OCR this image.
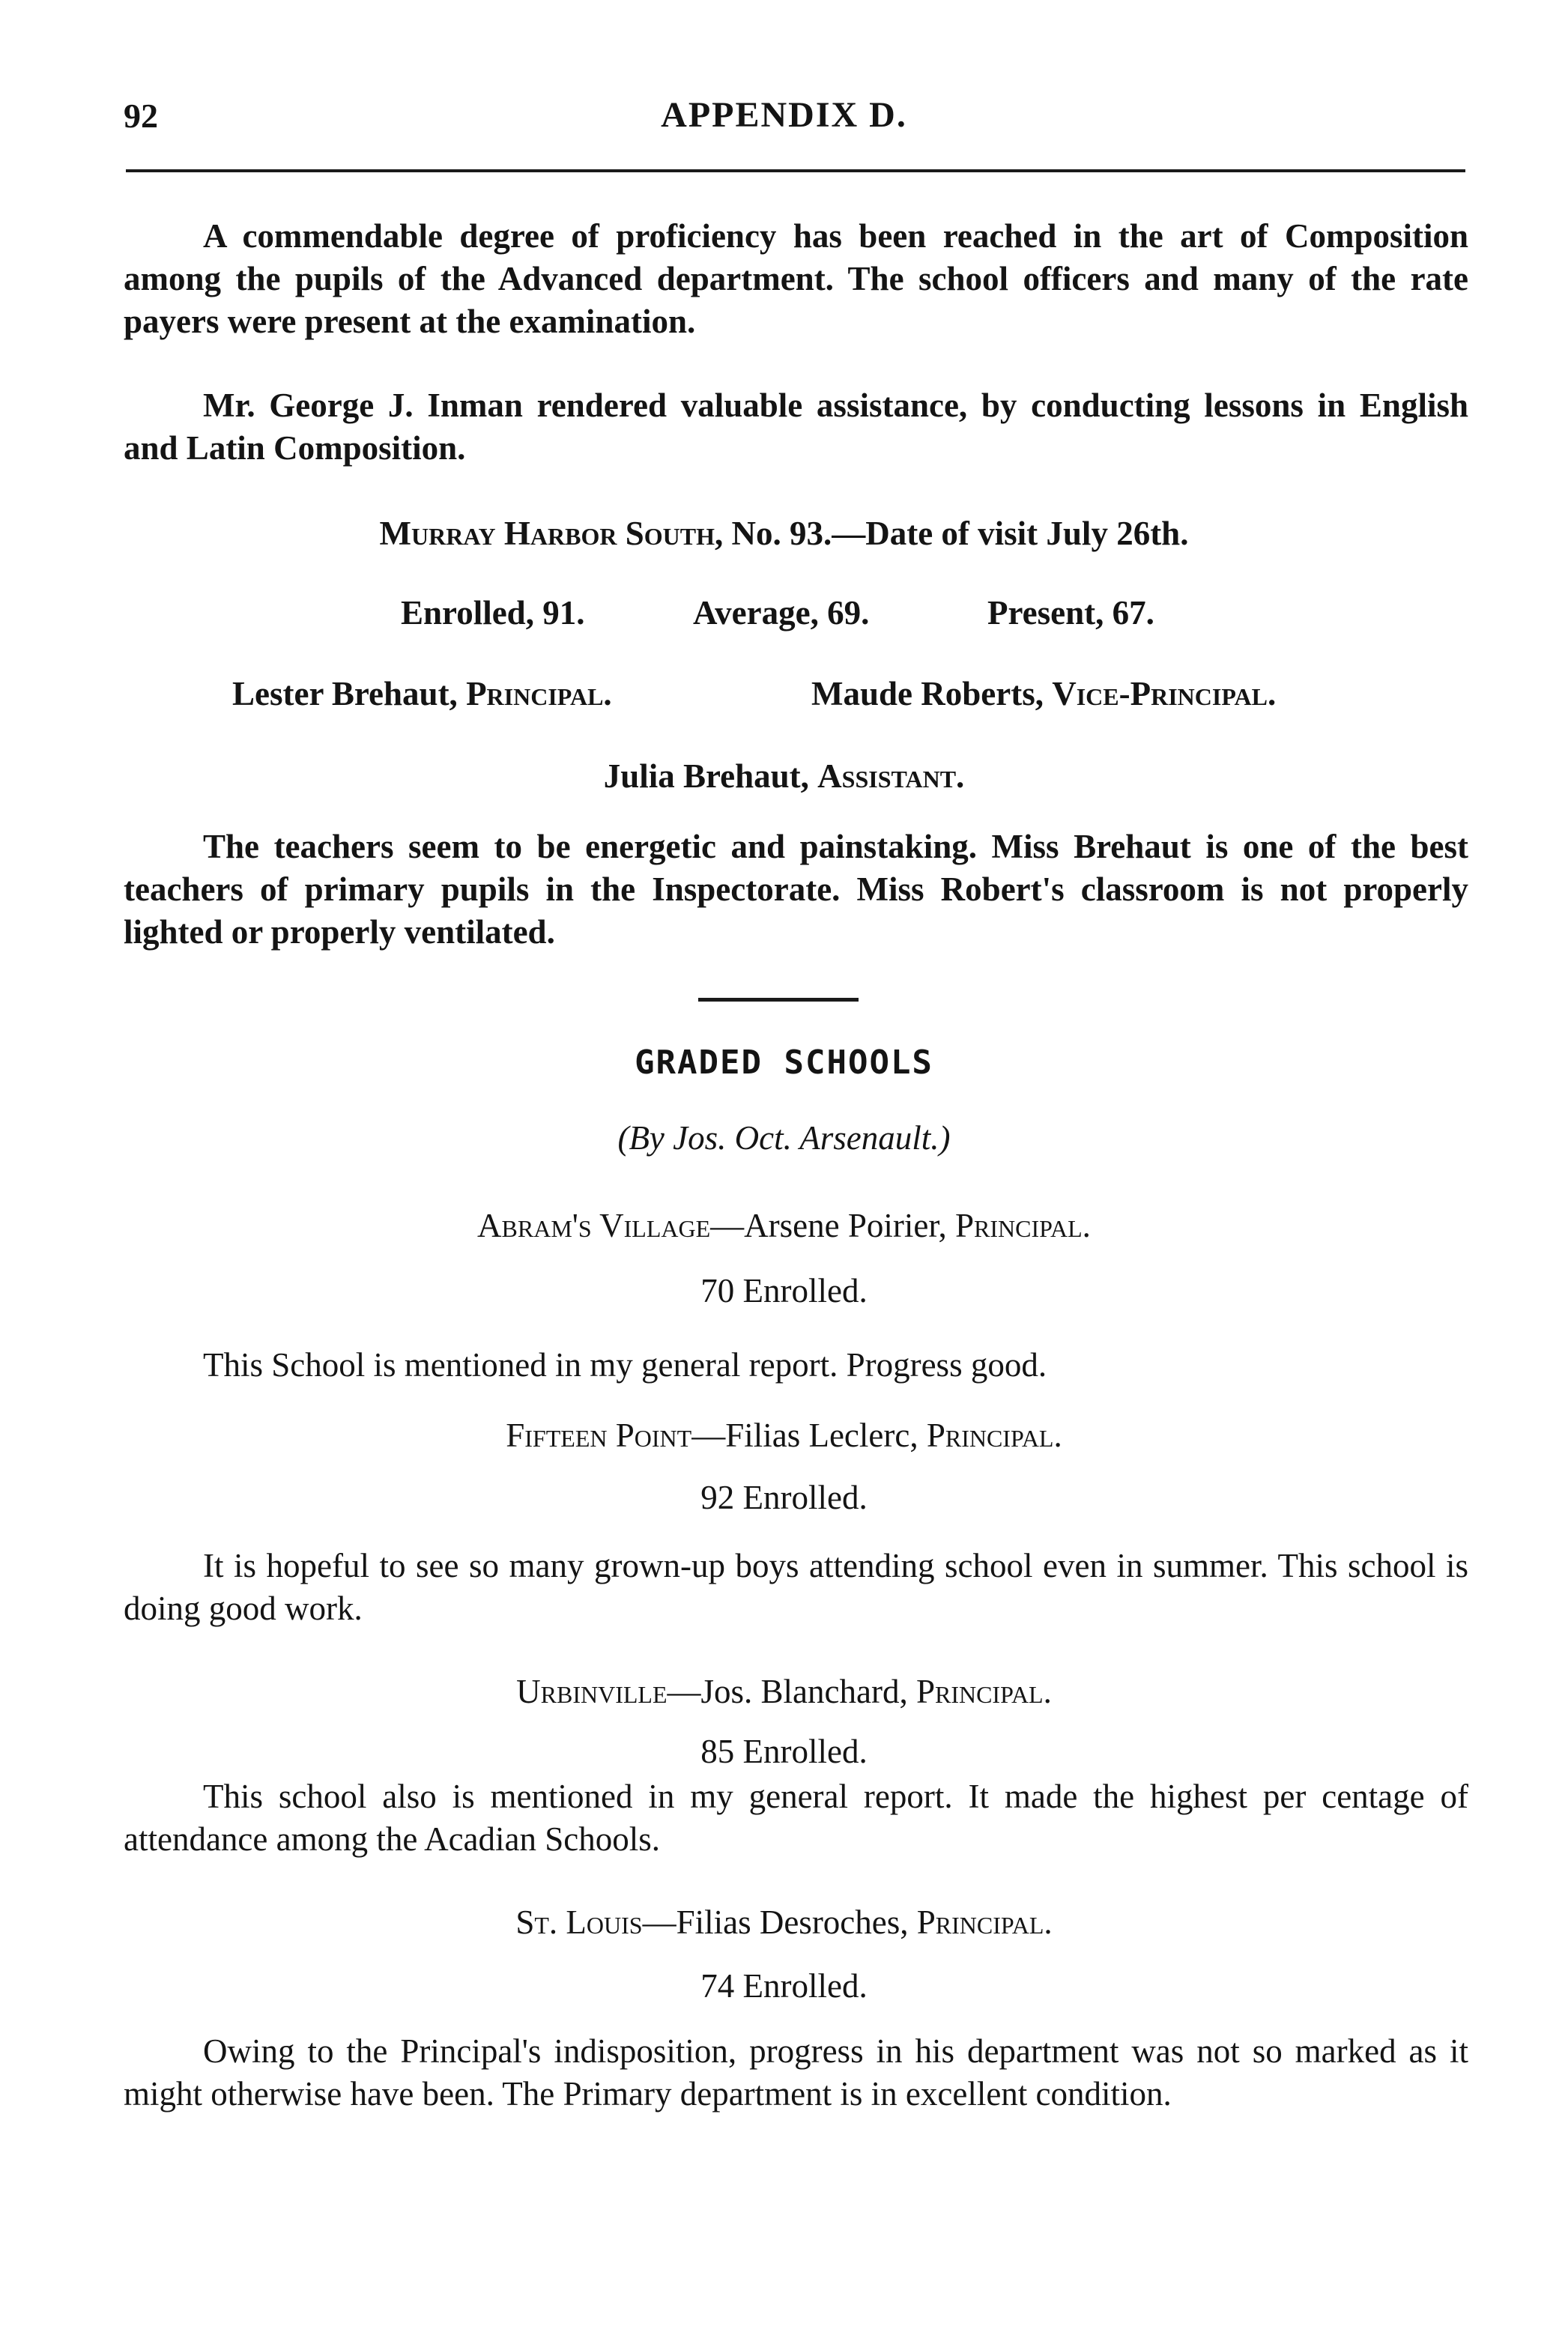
92	APPENDIX D.
A commendable degree of proficiency has been reached in the art of Composition among the pupils of the Advanced department. The school officers and many of the rate payers were present at the examination.
Mr. George J. Inman rendered valuable assistance, by conducting lessons in English and Latin Composition.
Murray Harbor South, No. 93.—Date of visit July 26th.
Enrolled, 91.	Average, 69.	Present, 67.
Lester Brehaut, Principal.	Maude Roberts, Vice-Principal.
Julia Brehaut, Assistant.
The teachers seem to be energetic and painstaking. Miss Brehaut is one of the best teachers of primary pupils in the Inspectorate. Miss Robert's classroom is not properly lighted or properly ventilated.
GRADED SCHOOLS
(By Jos. Oct. Arsenault.)
Abram's Village—Arsene Poirier, Principal.
70 Enrolled.
This School is mentioned in my general report. Progress good.
Fifteen Point—Filias Leclerc, Principal.
92 Enrolled.
It is hopeful to see so many grown-up boys attending school even in summer. This school is doing good work.
Urbinville—Jos. Blanchard, Principal.
85 Enrolled.
This school also is mentioned in my general report. It made the highest per centage of attendance among the Acadian Schools.
St. Louis—Filias Desroches, Principal.
74 Enrolled.
Owing to the Principal's indisposition, progress in his department was not so marked as it might otherwise have been. The Primary department is in excellent condition.
